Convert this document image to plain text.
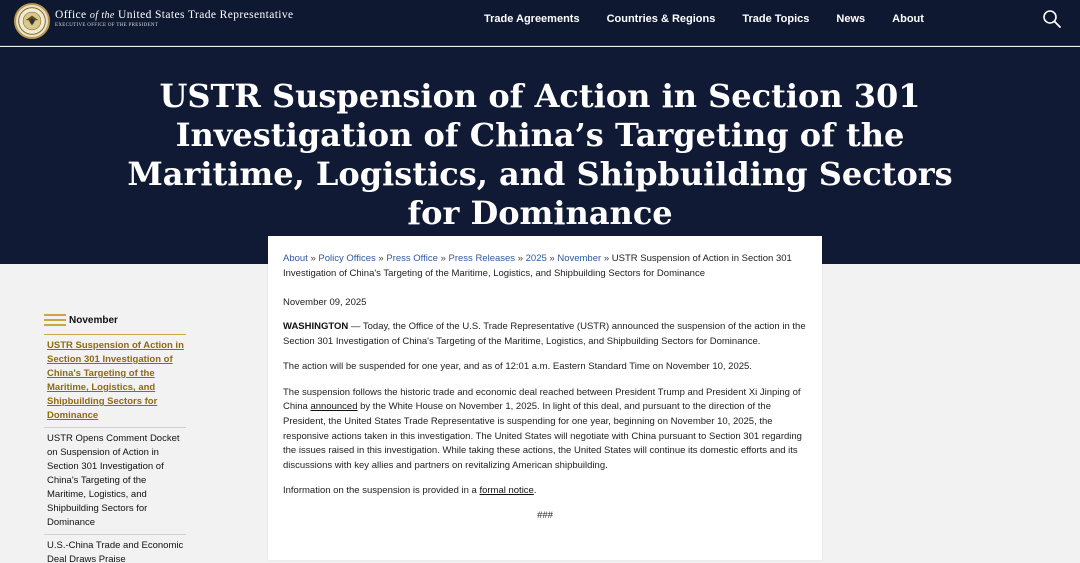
Office of the United States Trade Representative
EXECUTIVE OFFICE OF THE PRESIDENT
Trade Agreements Countries & Regions Trade Topics News About
USTR Suspension of Action in Section 301 Investigation of China’s Targeting of the Maritime, Logistics, and Shipbuilding Sectors for Dominance
November
USTR Suspension of Action in Section 301 Investigation of China's Targeting of the Maritime, Logistics, and Shipbuilding Sectors for Dominance
USTR Opens Comment Docket on Suspension of Action in Section 301 Investigation of China's Targeting of the Maritime, Logistics, and Shipbuilding Sectors for Dominance
U.S.-China Trade and Economic Deal Draws Praise
About » Policy Offices » Press Office » Press Releases » 2025 » November » USTR Suspension of Action in Section 301 Investigation of China's Targeting of the Maritime, Logistics, and Shipbuilding Sectors for Dominance
November 09, 2025

WASHINGTON — Today, the Office of the U.S. Trade Representative (USTR) announced the suspension of the action in the Section 301 Investigation of China's Targeting of the Maritime, Logistics, and Shipbuilding Sectors for Dominance.

The action will be suspended for one year, and as of 12:01 a.m. Eastern Standard Time on November 10, 2025.

The suspension follows the historic trade and economic deal reached between President Trump and President Xi Jinping of China announced by the White House on November 1, 2025. In light of this deal, and pursuant to the direction of the President, the United States Trade Representative is suspending for one year, beginning on November 10, 2025, the responsive actions taken in this investigation. The United States will negotiate with China pursuant to Section 301 regarding the issues raised in this investigation. While taking these actions, the United States will continue its domestic efforts and its discussions with key allies and partners on revitalizing American shipbuilding.

Information on the suspension is provided in a formal notice.

###
